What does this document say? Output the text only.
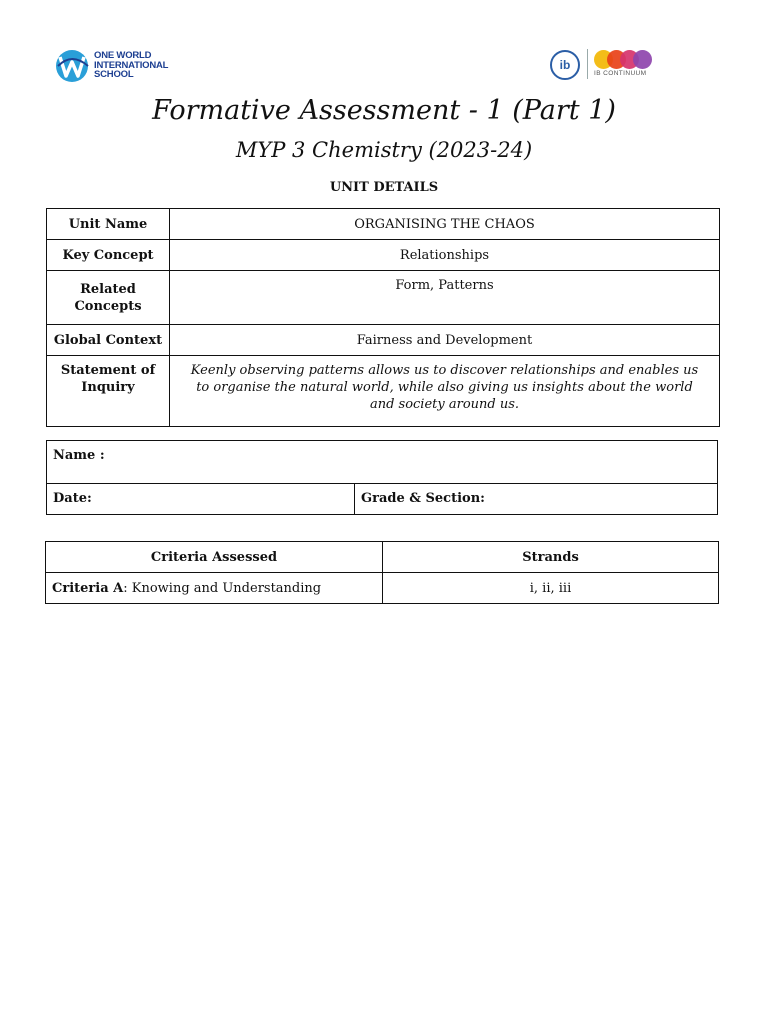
ONE WORLD
INTERNATIONAL
SCHOOL
ib
IB CONTINUUM
Formative Assessment - 1 (Part 1)
MYP 3 Chemistry (2023-24)
UNIT DETAILS
Unit Name	ORGANISING THE CHAOS
Key Concept	Relationships
Related Concepts	Form, Patterns
Global Context	Fairness and Development
Statement of Inquiry	Keenly observing patterns allows us to discover relationships and enables us to organise the natural world, while also giving us insights about the world and society around us.
Name :
Date:	Grade & Section:
Criteria Assessed	Strands
Criteria A: Knowing and Understanding	i, ii, iii
